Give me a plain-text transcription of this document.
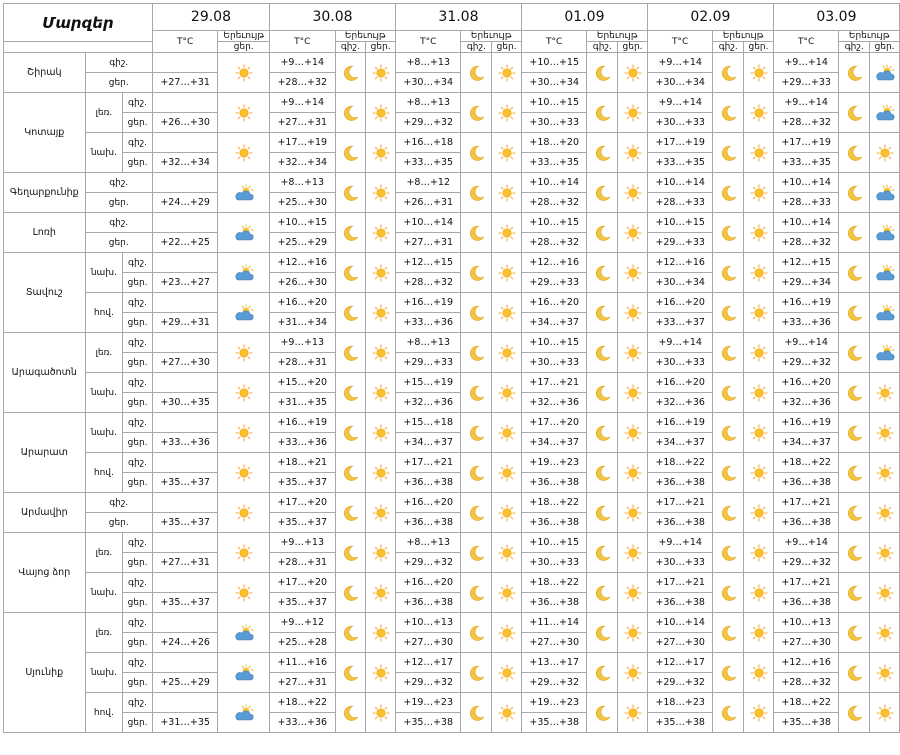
Մարզեր			29.08		30.08			31.08			01.09			02.09			03.09		
			T°C	Երեւույթ	T°C	Երեւույթ		T°C	Երեւույթ		T°C	Երեւույթ		T°C	Երեւույթ		T°C	Երեւույթ	
				ցեր.		գիշ.	ցեր.		գիշ.	ցեր.		գիշ.	ցեր.		գիշ.	ցեր.		գիշ.	ցեր.
Շիրակ	գիշ.				+9…+14			+8…+13			+10…+15			+9…+14			+9…+14	

	ցեր.		+27…+31		+28…+32			+30…+34			+30…+34			+30…+34			+29…+33		
Կոտայք	լեռ.	գիշ.			+9…+14			+8…+13			+10…+15			+9…+14			+9…+14	

		ցեր.	+26…+30		+27…+31			+29…+32			+30…+33			+30…+33			+28…+32		
	նախ.	գիշ.			+17…+19			+16…+18			+18…+20			+17…+19			+17…+19	

		ցեր.	+32…+34		+32…+34			+33…+35			+33…+35			+33…+35			+33…+35		
Գեղարքունիք	գիշ.				+8…+13			+8…+12			+10…+14			+10…+14			+10…+14	

	ցեր.		+24…+29		+25…+30			+26…+31			+28…+32			+28…+33			+28…+33		
Լոռի	գիշ.				+10…+15			+10…+14			+10…+15			+10…+15			+10…+14	

	ցեր.		+22…+25		+25…+29			+27…+31			+28…+32			+29…+33			+28…+32		
Տավուշ	նախ.	գիշ.			+12…+16			+12…+15			+12…+16			+12…+16			+12…+15	

		ցեր.	+23…+27		+26…+30			+28…+32			+29…+33			+30…+34			+29…+34		
	հով.	գիշ.			+16…+20			+16…+19			+16…+20			+16…+20			+16…+19	

		ցեր.	+29…+31		+31…+34			+33…+36			+34…+37			+33…+37			+33…+36		
Արագածոտն	լեռ.	գիշ.			+9…+13			+8…+13			+10…+15			+9…+14			+9…+14	

		ցեր.	+27…+30		+28…+31			+29…+33			+30…+33			+30…+33			+29…+32		
	նախ.	գիշ.			+15…+20			+15…+19			+17…+21			+16…+20			+16…+20	

		ցեր.	+30…+35		+31…+35			+32…+36			+32…+36			+32…+36			+32…+36		
Արարատ	նախ.	գիշ.			+16…+19			+15…+18			+17…+20			+16…+19			+16…+19	

		ցեր.	+33…+36		+33…+36			+34…+37			+34…+37			+34…+37			+34…+37		
	հով.	գիշ.			+18…+21			+17…+21			+19…+23			+18…+22			+18…+22	

		ցեր.	+35…+37		+35…+37			+36…+38			+36…+38			+36…+38			+36…+38		
Արմավիր	գիշ.				+17…+20			+16…+20			+18…+22			+17…+21			+17…+21	

	ցեր.		+35…+37		+35…+37			+36…+38			+36…+38			+36…+38			+36…+38		
Վայոց ձոր	լեռ.	գիշ.			+9…+13			+8…+13			+10…+15			+9…+14			+9…+14	

		ցեր.	+27…+31		+28…+31			+29…+32			+30…+33			+30…+33			+29…+32		
	նախ.	գիշ.			+17…+20			+16…+20			+18…+22			+17…+21			+17…+21	

		ցեր.	+35…+37		+35…+37			+36…+38			+36…+38			+36…+38			+36…+38		
Սյունիք	լեռ.	գիշ.			+9…+12			+10…+13			+11…+14			+10…+14			+10…+13	

		ցեր.	+24…+26		+25…+28			+27…+30			+27…+30			+27…+30			+27…+30		
	նախ.	գիշ.			+11…+16			+12…+17			+13…+17			+12…+17			+12…+16	

		ցեր.	+25…+29		+27…+31			+29…+32			+29…+32			+29…+32			+28…+32		
	հով.	գիշ.			+18…+22			+19…+23			+19…+23			+18…+23			+18…+22	

		ցեր.	+31…+35		+33…+36			+35…+38			+35…+38			+35…+38			+35…+38		
